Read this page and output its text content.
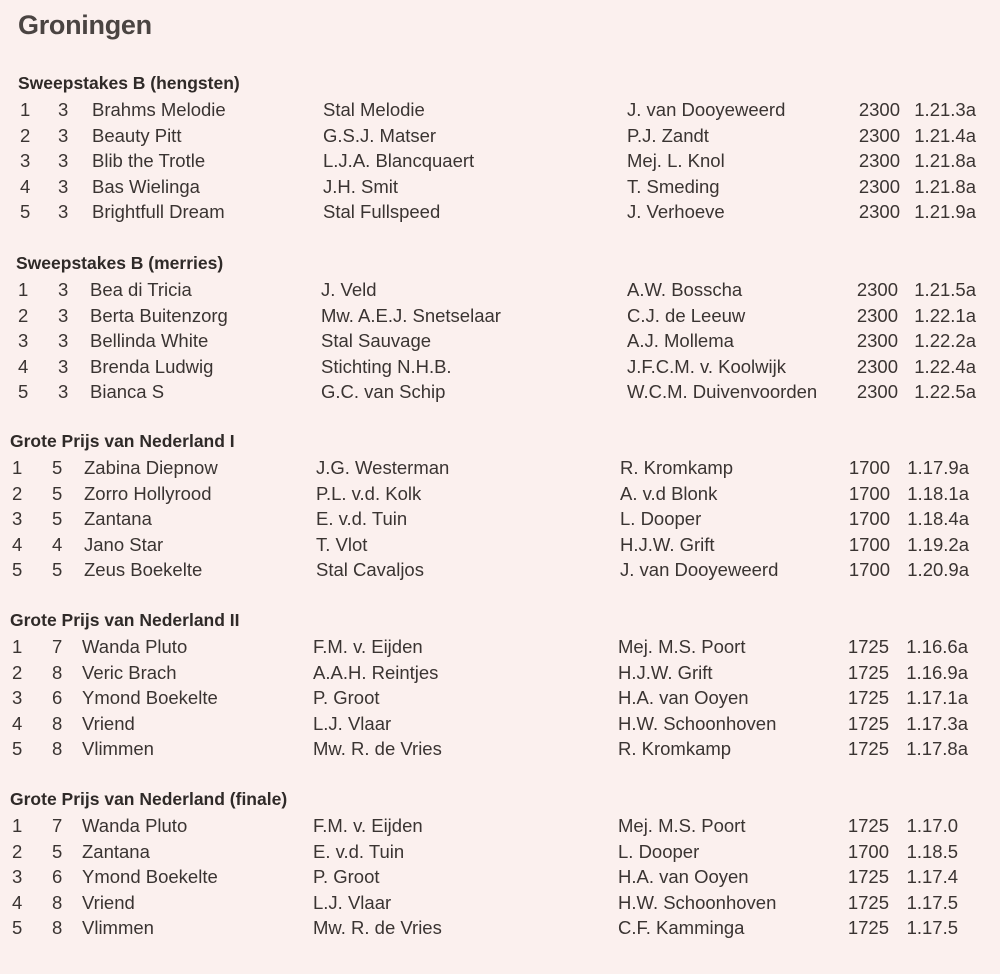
Groningen
Sweepstakes B (hengsten)
1 3 Brahms Melodie	Stal Melodie	J. van Dooyeweerd	2300 1.21.3a
2 3 Beauty Pitt	G.S.J. Matser	P.J. Zandt	2300 1.21.4a
3 3 Blib the Trotle	L.J.A. Blancquaert	Mej. L. Knol	2300 1.21.8a
4 3 Bas Wielinga	J.H. Smit	T. Smeding	2300 1.21.8a
5 3 Brightfull Dream	Stal Fullspeed	J. Verhoeve	2300 1.21.9a
Sweepstakes B (merries)
1 3 Bea di Tricia	J. Veld	A.W. Bosscha	2300 1.21.5a
2 3 Berta Buitenzorg	Mw. A.E.J. Snetselaar	C.J. de Leeuw	2300 1.22.1a
3 3 Bellinda White	Stal Sauvage	A.J. Mollema	2300 1.22.2a
4 3 Brenda Ludwig	Stichting N.H.B.	J.F.C.M. v. Koolwijk	2300 1.22.4a
5 3 Bianca S	G.C. van Schip	W.C.M. Duivenvoorden 2300 1.22.5a
Grote Prijs van Nederland I
1 5 Zabina Diepnow	J.G. Westerman	R. Kromkamp	1700 1.17.9a
2 5 Zorro Hollyrood	P.L. v.d. Kolk	A. v.d Blonk	1700 1.18.1a
3 5 Zantana	E. v.d. Tuin	L. Dooper	1700 1.18.4a
4 4 Jano Star	T. Vlot	H.J.W. Grift	1700 1.19.2a
5 5 Zeus Boekelte	Stal Cavaljos	J. van Dooyeweerd	1700 1.20.9a
Grote Prijs van Nederland II
1 7 Wanda Pluto	F.M. v. Eijden	Mej. M.S. Poort	1725 1.16.6a
2 8 Veric Brach	A.A.H. Reintjes	H.J.W. Grift	1725 1.16.9a
3 6 Ymond Boekelte	P. Groot	H.A. van Ooyen	1725 1.17.1a
4 8 Vriend	L.J. Vlaar	H.W. Schoonhoven	1725 1.17.3a
5 8 Vlimmen	Mw. R. de Vries	R. Kromkamp	1725 1.17.8a
Grote Prijs van Nederland (finale)
1 7 Wanda Pluto	F.M. v. Eijden	Mej. M.S. Poort	1725 1.17.0
2 5 Zantana	E. v.d. Tuin	L. Dooper	1700 1.18.5
3 6 Ymond Boekelte	P. Groot	H.A. van Ooyen	1725 1.17.4
4 8 Vriend	L.J. Vlaar	H.W. Schoonhoven	1725 1.17.5
5 8 Vlimmen	Mw. R. de Vries	C.F. Kamminga	1725 1.17.5
